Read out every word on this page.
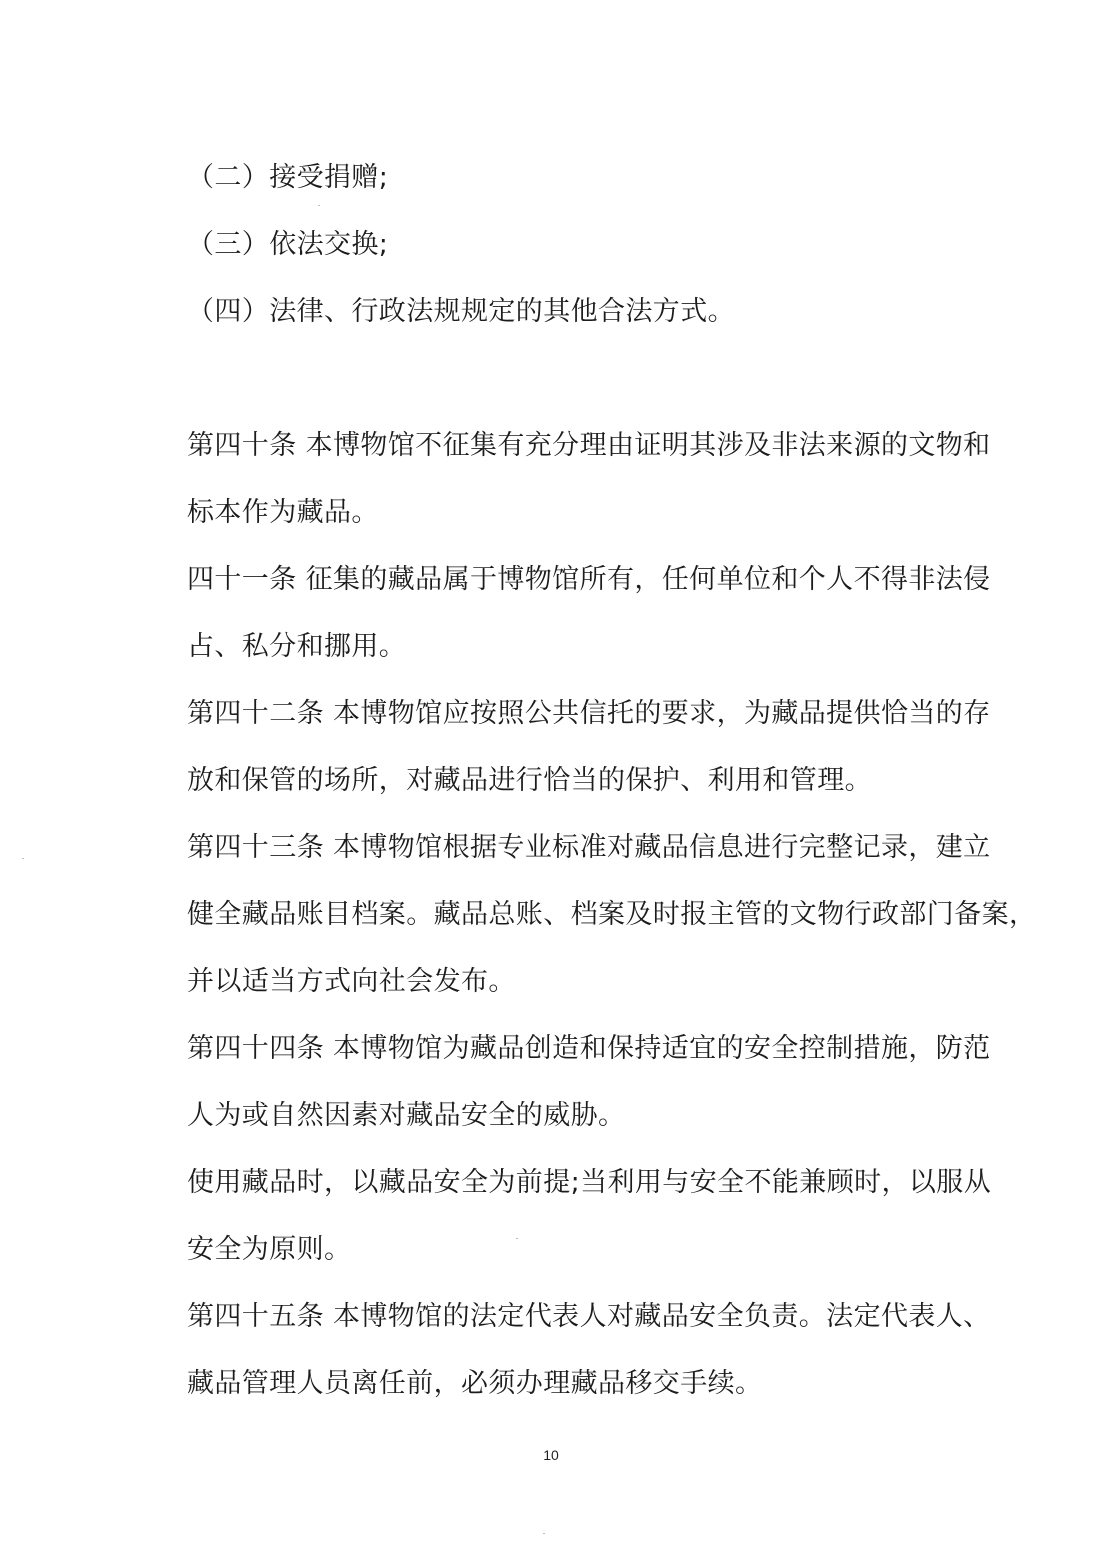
（二）接受捐赠;
（三）依法交换;
（四）法律、行政法规规定的其他合法方式。
第四十条 本博物馆不征集有充分理由证明其涉及非法来源的文物和
标本作为藏品。
四十一条 征集的藏品属于博物馆所有，任何单位和个人不得非法侵
占、私分和挪用。
第四十二条 本博物馆应按照公共信托的要求，为藏品提供恰当的存
放和保管的场所，对藏品进行恰当的保护、利用和管理。
第四十三条 本博物馆根据专业标准对藏品信息进行完整记录，建立
健全藏品账目档案。藏品总账、档案及时报主管的文物行政部门备案，
并以适当方式向社会发布。
第四十四条 本博物馆为藏品创造和保持适宜的安全控制措施，防范
人为或自然因素对藏品安全的威胁。
使用藏品时，以藏品安全为前提;当利用与安全不能兼顾时，以服从
安全为原则。
第四十五条 本博物馆的法定代表人对藏品安全负责。法定代表人、
藏品管理人员离任前，必须办理藏品移交手续。
10
